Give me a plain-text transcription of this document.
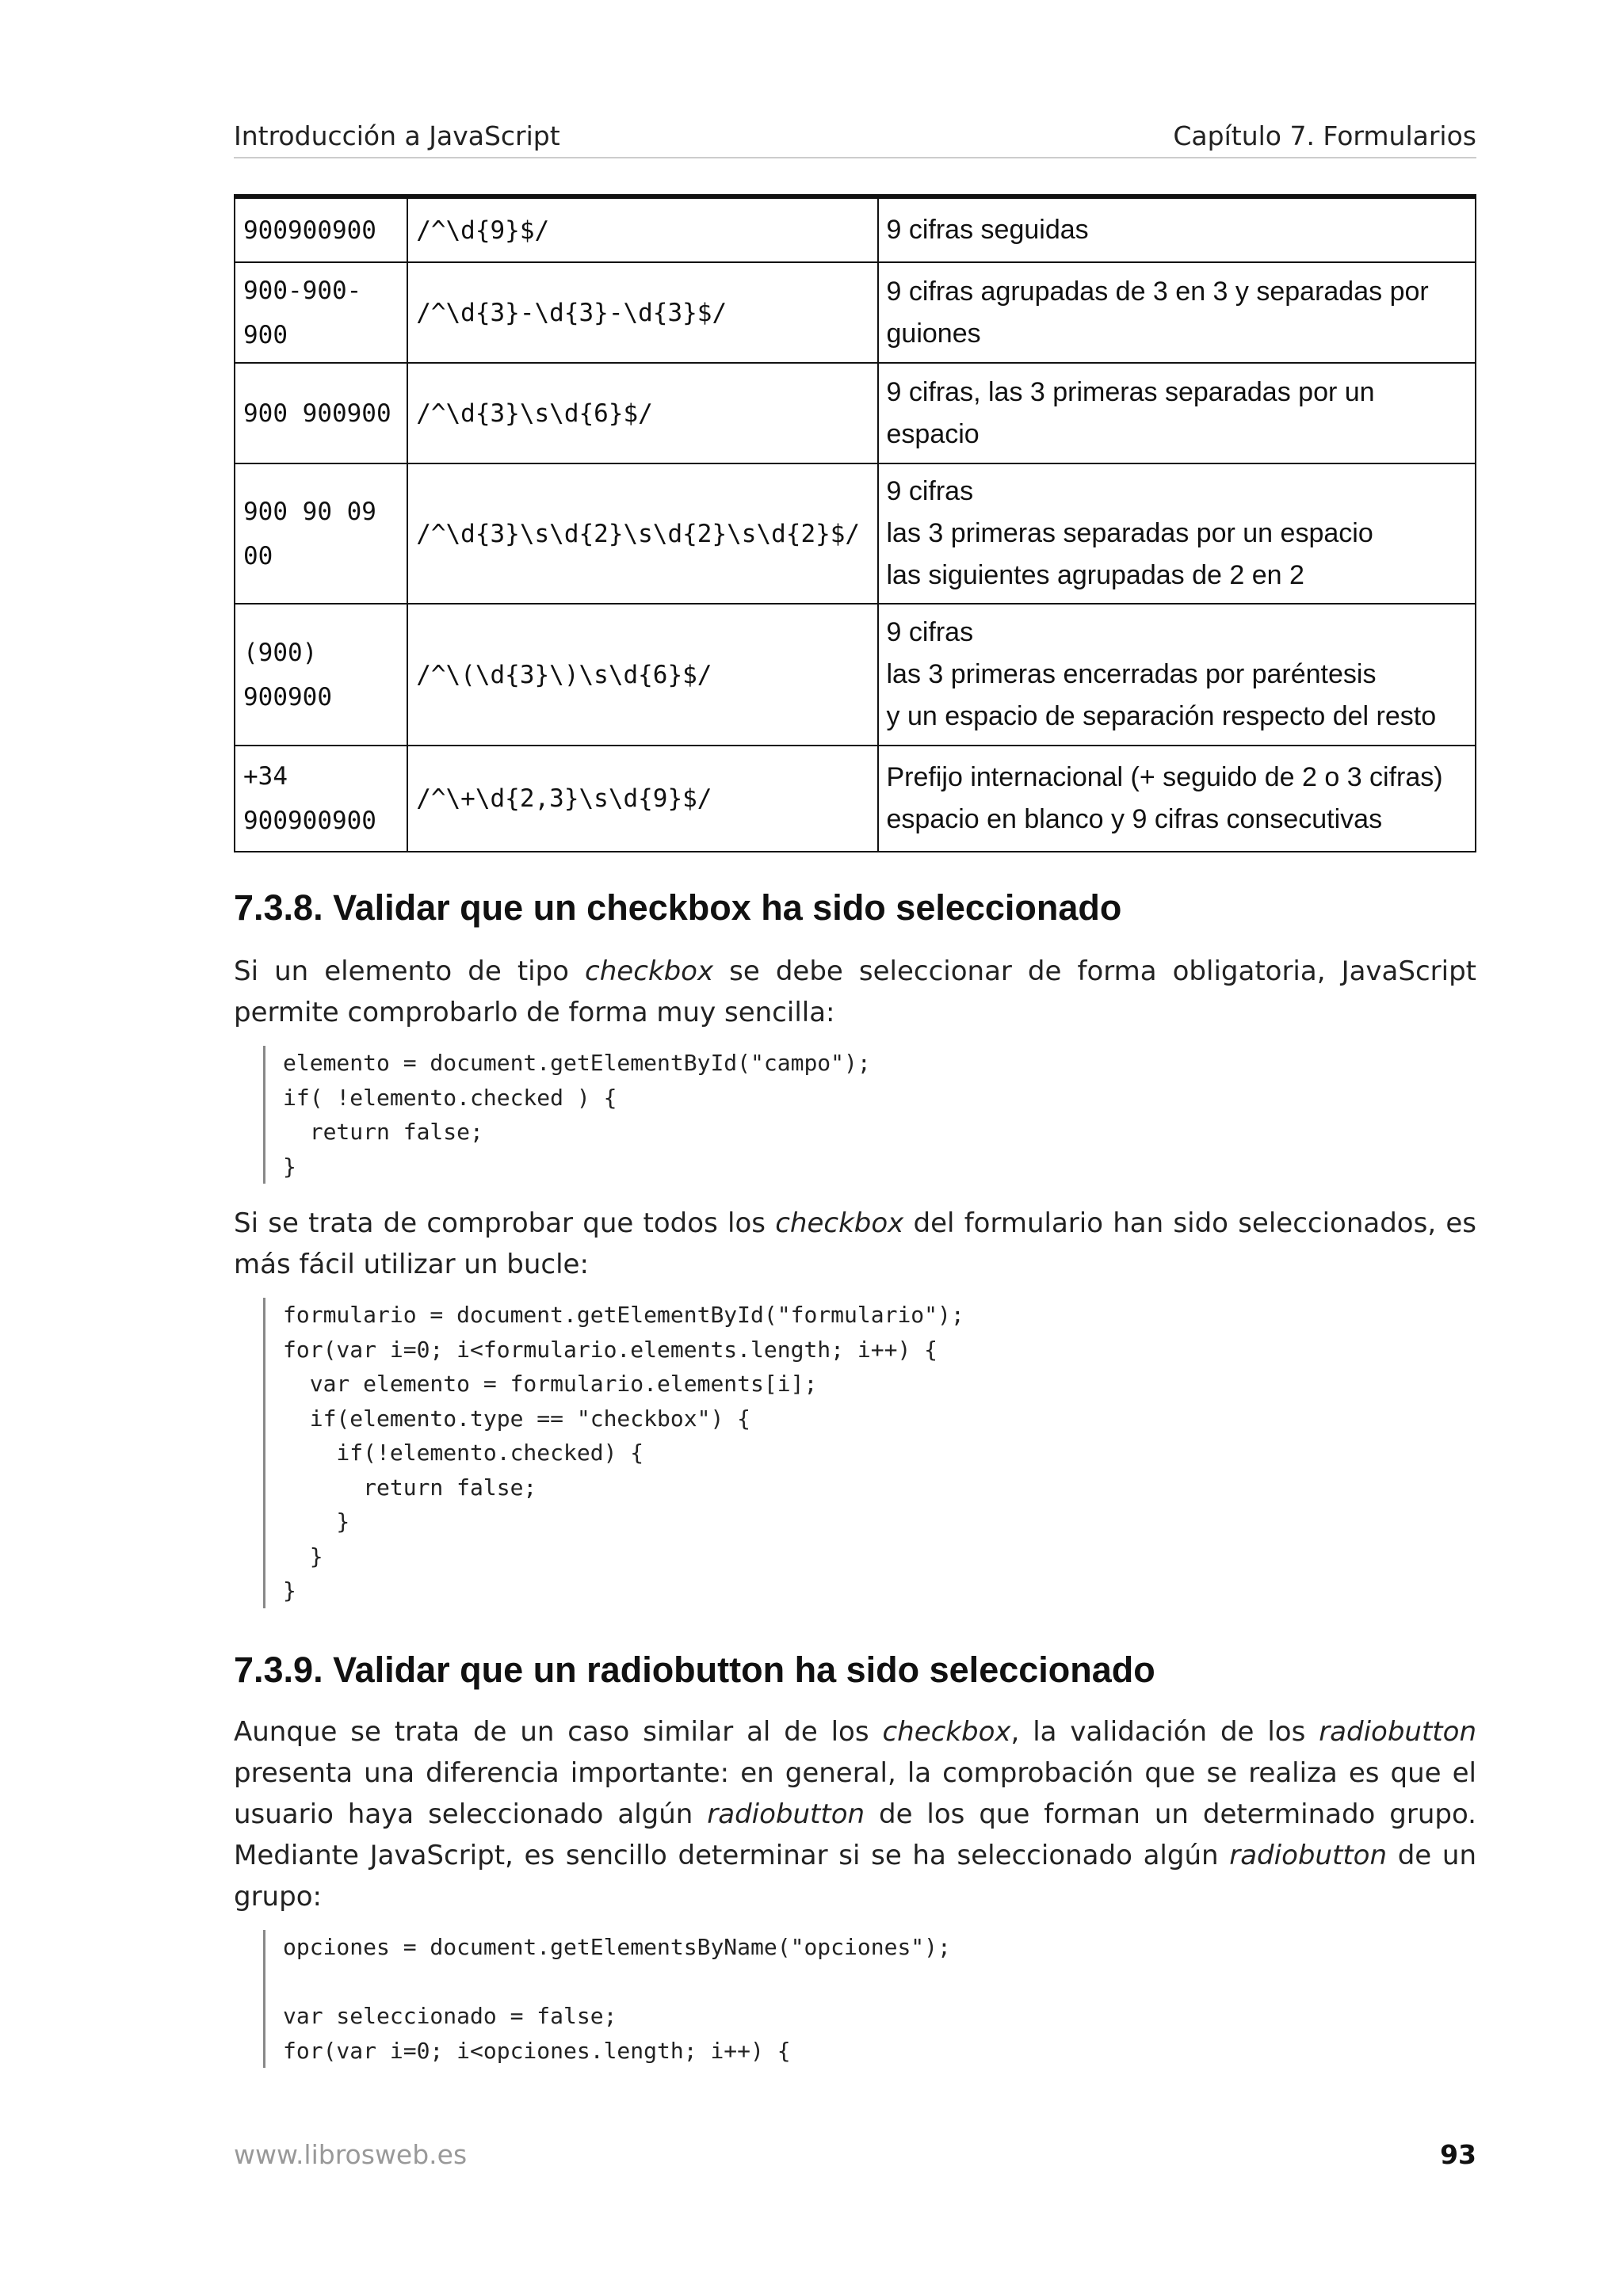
Introducción a JavaScript	Capítulo 7. Formularios
900900900	/^\d{9}$/	9 cifras seguidas
900-900-900	/^\d{3}-\d{3}-\d{3}$/	9 cifras agrupadas de 3 en 3 y separadas por guiones
900 900900	/^\d{3}\s\d{6}$/	9 cifras, las 3 primeras separadas por un espacio
900 90 09 00	/^\d{3}\s\d{2}\s\d{2}\s\d{2}$/	9 cifras
las 3 primeras separadas por un espacio
las siguientes agrupadas de 2 en 2
(900) 900900	/^\(\d{3}\)\s\d{6}$/	9 cifras
las 3 primeras encerradas por paréntesis
y un espacio de separación respecto del resto
+34 900900900	/^\+\d{2,3}\s\d{9}$/	Prefijo internacional (+ seguido de 2 o 3 cifras)
espacio en blanco y 9 cifras consecutivas
7.3.8. Validar que un checkbox ha sido seleccionado

Si un elemento de tipo checkbox se debe seleccionar de forma obligatoria, JavaScript permite comprobarlo de forma muy sencilla:

elemento = document.getElementById("campo");
if( !elemento.checked ) {
return false;
}

Si se trata de comprobar que todos los checkbox del formulario han sido seleccionados, es más fácil utilizar un bucle:

formulario = document.getElementById("formulario");
for(var i=0; i<formulario.elements.length; i++) {
var elemento = formulario.elements[i];
if(elemento.type == "checkbox") {
if(!elemento.checked) {
return false;
}
}
}
7.3.9. Validar que un radiobutton ha sido seleccionado

Aunque se trata de un caso similar al de los checkbox, la validación de los radiobutton presenta una diferencia importante: en general, la comprobación que se realiza es que el usuario haya seleccionado algún radiobutton de los que forman un determinado grupo. Mediante JavaScript, es sencillo determinar si se ha seleccionado algún radiobutton de un grupo:

opciones = document.getElementsByName("opciones");

var seleccionado = false;
for(var i=0; i<opciones.length; i++) {
www.librosweb.es	93
